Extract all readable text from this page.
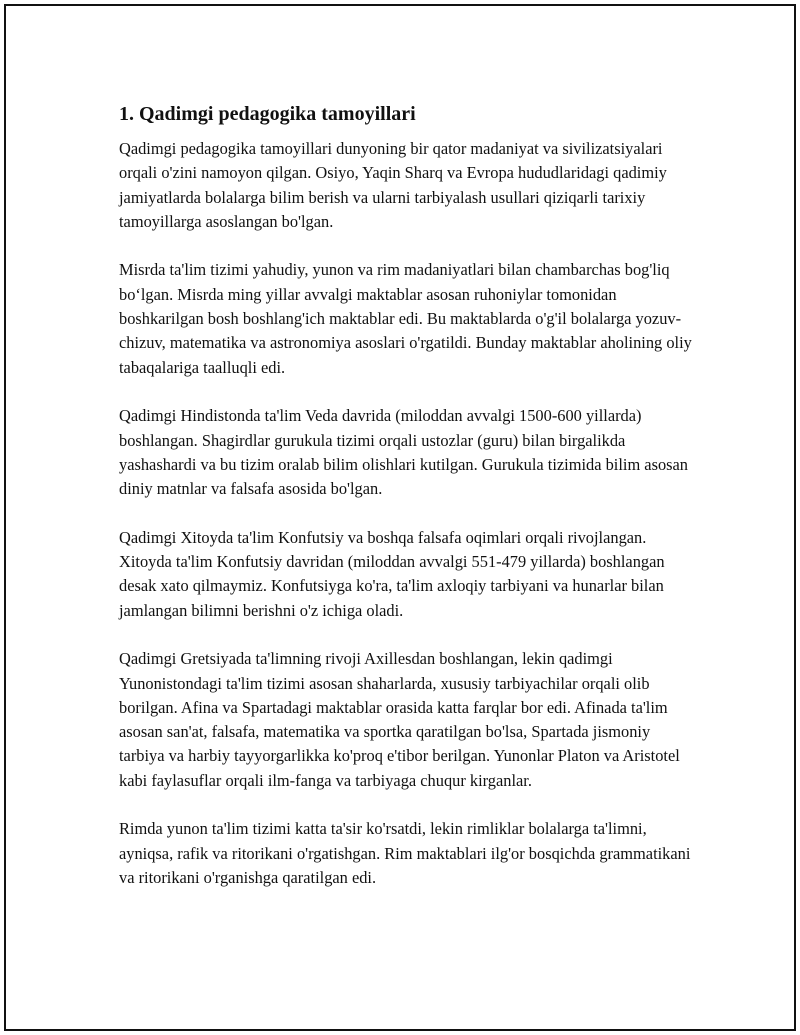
1. Qadimgi pedagogika tamoyillari

Qadimgi pedagogika tamoyillari dunyoning bir qator madaniyat va sivilizatsiyalari orqali o'zini namoyon qilgan. Osiyo, Yaqin Sharq va Evropa hududlaridagi qadimiy jamiyatlarda bolalarga bilim berish va ularni tarbiyalash usullari qiziqarli tarixiy tamoyillarga asoslangan bo'lgan.

Misrda ta'lim tizimi yahudiy, yunon va rim madaniyatlari bilan chambarchas bog'liq bo‘lgan. Misrda ming yillar avvalgi maktablar asosan ruhoniylar tomonidan boshkarilgan bosh boshlang'ich maktablar edi. Bu maktablarda o'g'il bolalarga yozuv-chizuv, matematika va astronomiya asoslari o'rgatildi. Bunday maktablar aholining oliy tabaqalariga taalluqli edi.

Qadimgi Hindistonda ta'lim Veda davrida (miloddan avvalgi 1500-600 yillarda) boshlangan. Shagirdlar gurukula tizimi orqali ustozlar (guru) bilan birgalikda yashashardi va bu tizim oralab bilim olishlari kutilgan. Gurukula tizimida bilim asosan diniy matnlar va falsafa asosida bo'lgan.

Qadimgi Xitoyda ta'lim Konfutsiy va boshqa falsafa oqimlari orqali rivojlangan. Xitoyda ta'lim Konfutsiy davridan (miloddan avvalgi 551-479 yillarda) boshlangan desak xato qilmaymiz. Konfutsiyga ko'ra, ta'lim axloqiy tarbiyani va hunarlar bilan jamlangan bilimni berishni o'z ichiga oladi.

Qadimgi Gretsiyada ta'limning rivoji Axillesdan boshlangan, lekin qadimgi Yunonistondagi ta'lim tizimi asosan shaharlarda, xususiy tarbiyachilar orqali olib borilgan. Afina va Spartadagi maktablar orasida katta farqlar bor edi. Afinada ta'lim asosan san'at, falsafa, matematika va sportka qaratilgan bo'lsa, Spartada jismoniy tarbiya va harbiy tayyorgarlikka ko'proq e'tibor berilgan. Yunonlar Platon va Aristotel kabi faylasuflar orqali ilm-fanga va tarbiyaga chuqur kirganlar.

Rimda yunon ta'lim tizimi katta ta'sir ko'rsatdi, lekin rimliklar bolalarga ta'limni, ayniqsa, rafik va ritorikani o'rgatishgan. Rim maktablari ilg'or bosqichda grammatikani va ritorikani o'rganishga qaratilgan edi.
